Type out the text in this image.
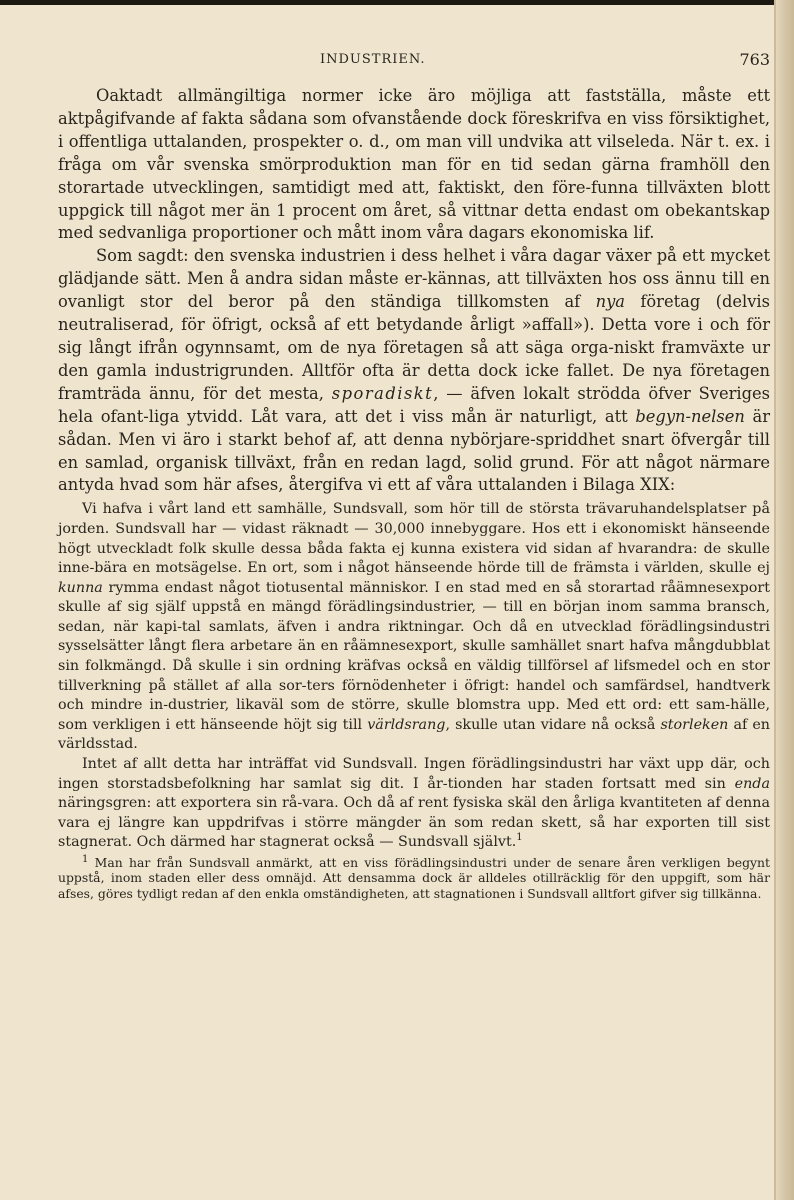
INDUSTRIEN.	763

Oaktadt allmängiltiga normer icke äro möjliga att fastställa, måste ett aktpågifvande af fakta sådana som ofvanstående dock föreskrifva en viss försiktighet, i offentliga uttalanden, prospekter o. d., om man vill undvika att vilseleda. När t. ex. i fråga om vår svenska smörproduktion man för en tid sedan gärna framhöll den storartade utvecklingen, samtidigt med att, faktiskt, den före-funna tillväxten blott uppgick till något mer än 1 procent om året, så vittnar detta endast om obekantskap med sedvanliga proportioner och mått inom våra dagars ekonomiska lif.

Som sagdt: den svenska industrien i dess helhet i våra dagar växer på ett mycket glädjande sätt. Men å andra sidan måste er-kännas, att tillväxten hos oss ännu till en ovanligt stor del beror på den ständiga tillkomsten af nya företag (delvis neutraliserad, för öfrigt, också af ett betydande årligt »affall»). Detta vore i och för sig långt ifrån ogynnsamt, om de nya företagen så att säga orga-niskt framväxte ur den gamla industrigrunden. Alltför ofta är detta dock icke fallet. De nya företagen framträda ännu, för det mesta, sporadiskt, — äfven lokalt strödda öfver Sveriges hela ofant-liga ytvidd. Låt vara, att det i viss mån är naturligt, att begyn-nelsen är sådan. Men vi äro i starkt behof af, att denna nybörjare-spriddhet snart öfvergår till en samlad, organisk tillväxt, från en redan lagd, solid grund. För att något närmare antyda hvad som här afses, återgifva vi ett af våra uttalanden i Bilaga XIX:

Vi hafva i vårt land ett samhälle, Sundsvall, som hör till de största trävaruhandelsplatser på jorden. Sundsvall har — vidast räknadt — 30,000 innebyggare. Hos ett i ekonomiskt hänseende högt utveckladt folk skulle dessa båda fakta ej kunna existera vid sidan af hvarandra: de skulle inne-bära en motsägelse. En ort, som i något hänseende hörde till de främsta i världen, skulle ej kunna rymma endast något tiotusental människor. I en stad med en så storartad råämnesexport skulle af sig själf uppstå en mängd förädlingsindustrier, — till en början inom samma bransch, sedan, när kapi-tal samlats, äfven i andra riktningar. Och då en utvecklad förädlingsindustri sysselsätter långt flera arbetare än en råämnesexport, skulle samhället snart hafva mångdubblat sin folkmängd. Då skulle i sin ordning kräfvas också en väldig tillförsel af lifsmedel och en stor tillverkning på stället af alla sor-ters förnödenheter i öfrigt: handel och samfärdsel, handtverk och mindre in-dustrier, likaväl som de större, skulle blomstra upp. Med ett ord: ett sam-hälle, som verkligen i ett hänseende höjt sig till världsrang, skulle utan vidare nå också storleken af en världsstad.

Intet af allt detta har inträffat vid Sundsvall. Ingen förädlingsindustri har växt upp där, och ingen storstadsbefolkning har samlat sig dit. I år-tionden har staden fortsatt med sin enda näringsgren: att exportera sin rå-vara. Och då af rent fysiska skäl den årliga kvantiteten af denna vara ej längre kan uppdrifvas i större mängder än som redan skett, så har exporten till sist stagnerat. Och därmed har stagnerat också — Sundsvall självt.$^1$

$^1$ Man har från Sundsvall anmärkt, att en viss förädlingsindustri under de senare åren verkligen begynt uppstå, inom staden eller dess omnäjd. Att densamma dock är alldeles otillräcklig för den uppgift, som här afses, göres tydligt redan af den enkla omständigheten, att stagnationen i Sundsvall alltfort gifver sig tillkänna.
